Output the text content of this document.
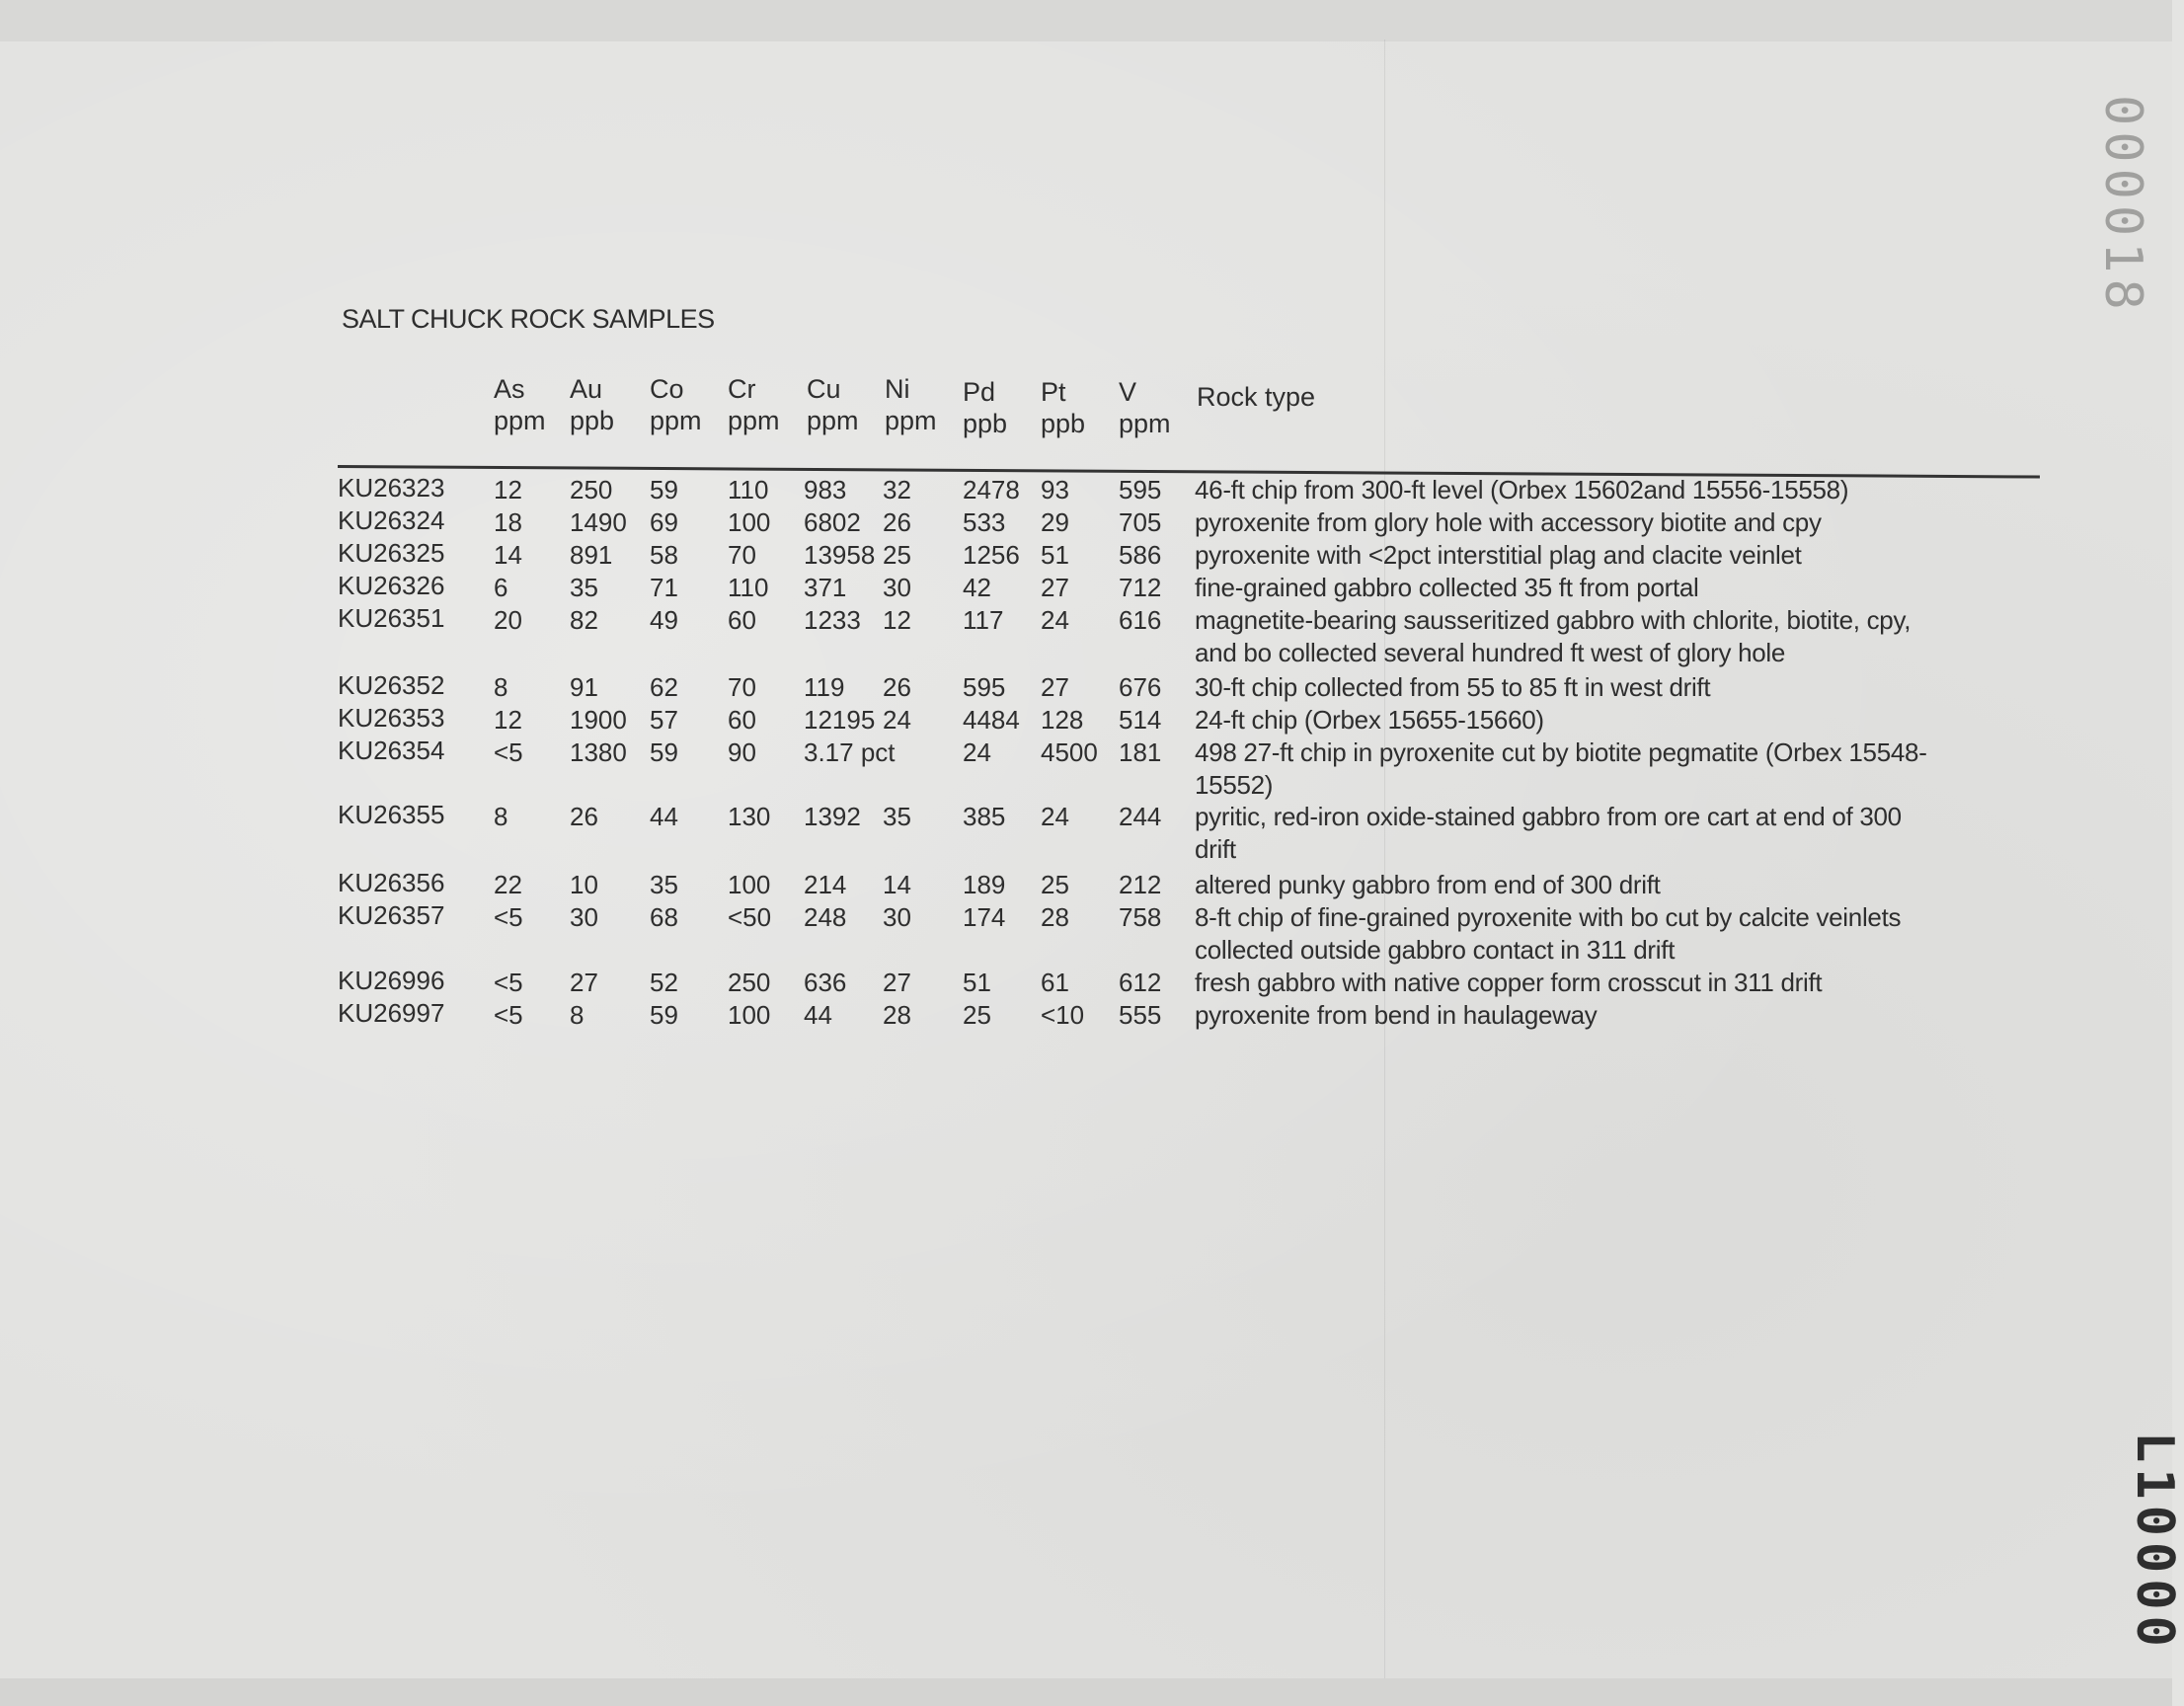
000018
L10000
SALT CHUCK ROCK SAMPLES
As
ppm
Au
ppb
Co
ppm
Cr
ppm
Cu
ppm
Ni
ppm
Pd
ppb
Pt
ppb
V
ppm
Rock type
KU26323 12 250 59 110 983 32 2478 93 595 46-ft chip from 300-ft level (Orbex 15602and 15556-15558)
KU26324 18 1490 69 100 6802 26 533 29 705 pyroxenite from glory hole with accessory biotite and cpy
KU26325 14 891 58 70 13958 25 1256 51 586 pyroxenite with <2pct interstitial plag and clacite veinlet
KU26326 6 35 71 110 371 30 42 27 712 fine-grained gabbro collected 35 ft from portal
KU26351 20 82 49 60 1233 12 117 24 616 magnetite-bearing sausseritized gabbro with chlorite, biotite, cpy, and bo collected several hundred ft west of glory hole
KU26352 8 91 62 70 119 26 595 27 676 30-ft chip collected from 55 to 85 ft in west drift
KU26353 12 1900 57 60 12195 24 4484 128 514 24-ft chip (Orbex 15655-15660)
KU26354 <5 1380 59 90 3.17 pct	24 4500 181 498 27-ft chip in pyroxenite cut by biotite pegmatite (Orbex 15548-15552)
KU26355 8 26 44 130 1392 35 385 24 244 pyritic, red-iron oxide-stained gabbro from ore cart at end of 300 drift
KU26356 22 10 35 100 214 14 189 25 212 altered punky gabbro from end of 300 drift
KU26357 <5 30 68 <50 248 30 174 28 758 8-ft chip of fine-grained pyroxenite with bo cut by calcite veinlets collected outside gabbro contact in 311 drift
KU26996 <5 27 52 250 636 27 51 61 612 fresh gabbro with native copper form crosscut in 311 drift
KU26997 <5 8	59 100 44 28 25 <10 555 pyroxenite from bend in haulageway
